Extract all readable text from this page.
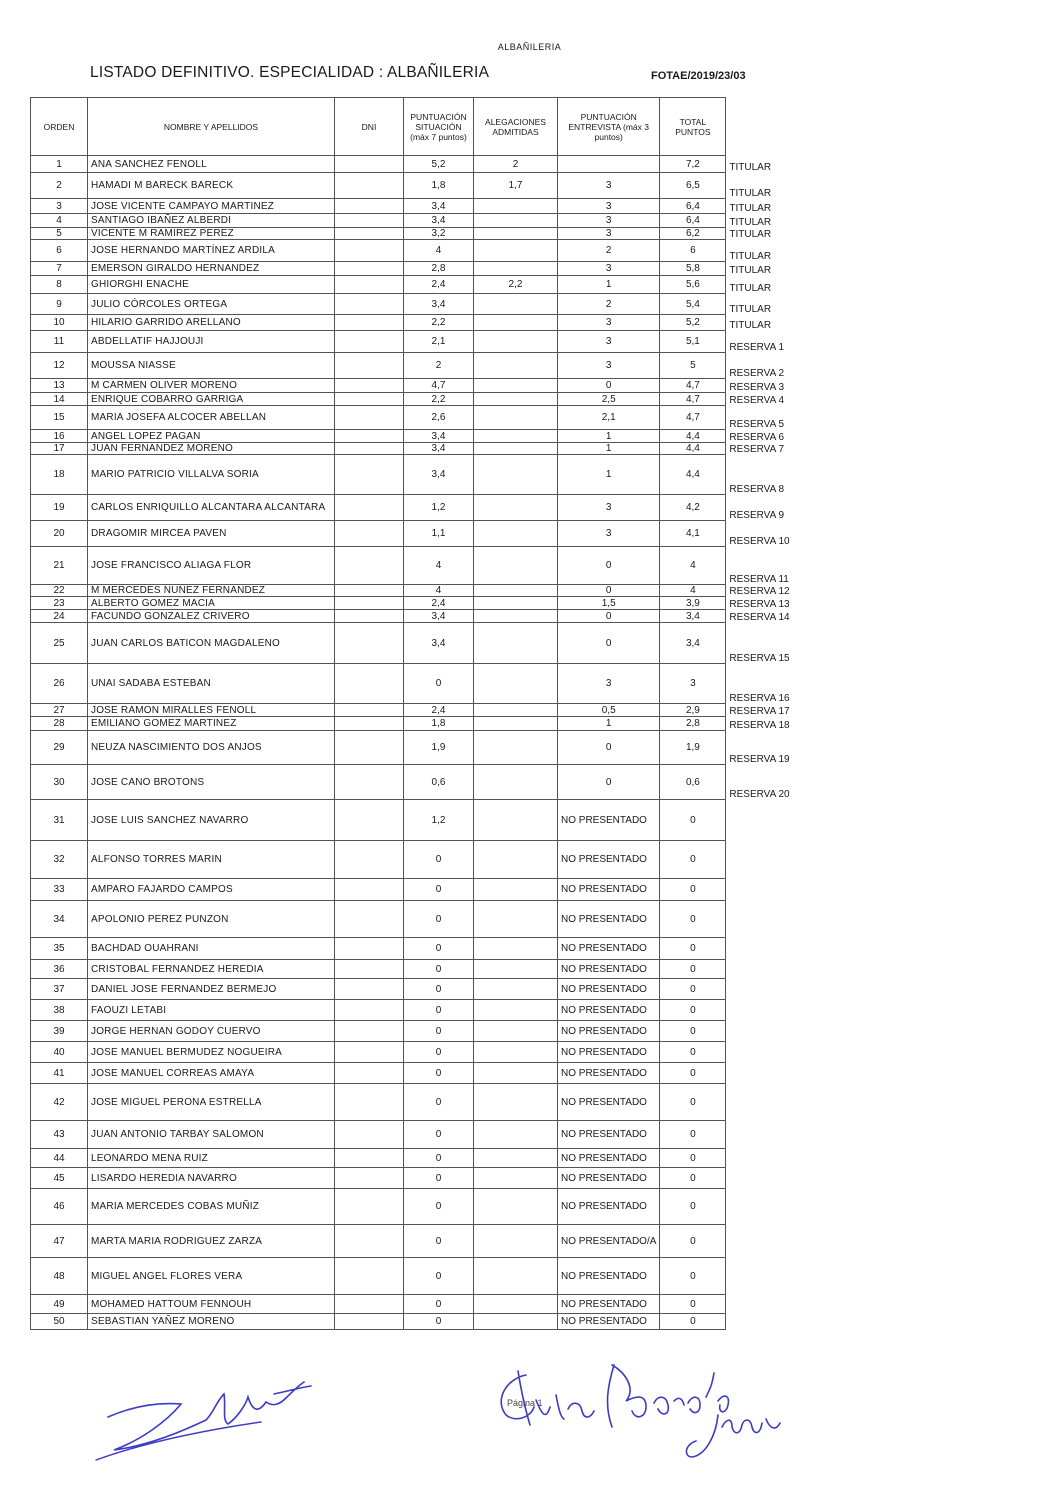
ALBAÑILERIA
LISTADO DEFINITIVO. ESPECIALIDAD : ALBAÑILERIA	FOTAE/2019/23/03
ORDEN	NOMBRE Y APELLIDOS	DNI	PUNTUACIÓN SITUACIÓN (máx 7 puntos)	ALEGACIONES ADMITIDAS	PUNTUACIÓN ENTREVISTA (máx 3 puntos)	TOTAL PUNTOS	
1	ANA SANCHEZ FENOLL		5,2	2		7,2	TITULAR
2	HAMADI M BARECK BARECK		1,8	1,7	3	6,5	TITULAR
3	JOSE VICENTE CAMPAYO MARTINEZ		3,4		3	6,4	TITULAR
4	SANTIAGO IBAÑEZ ALBERDI		3,4		3	6,4	TITULAR
5	VICENTE M RAMIREZ PEREZ		3,2		3	6,2	TITULAR
6	JOSE HERNANDO MARTÍNEZ ARDILA		4		2	6	TITULAR
7	EMERSON GIRALDO HERNANDEZ		2,8		3	5,8	TITULAR
8	GHIORGHI ENACHE		2,4	2,2	1	5,6	TITULAR
9	JULIO CÓRCOLES ORTEGA		3,4		2	5,4	TITULAR
10	HILARIO GARRIDO ARELLANO		2,2		3	5,2	TITULAR
11	ABDELLATIF HAJJOUJI		2,1		3	5,1	RESERVA 1
12	MOUSSA NIASSE		2		3	5	RESERVA 2
13	M CARMEN OLIVER MORENO		4,7		0	4,7	RESERVA 3
14	ENRIQUE COBARRO GARRIGA		2,2		2,5	4,7	RESERVA 4
15	MARIA JOSEFA ALCOCER ABELLAN		2,6		2,1	4,7	RESERVA 5
16	ANGEL LOPEZ PAGAN		3,4		1	4,4	RESERVA 6
17	JUAN FERNANDEZ MORENO		3,4		1	4,4	RESERVA 7
18	MARIO PATRICIO VILLALVA SORIA		3,4		1	4,4	RESERVA 8
19	CARLOS ENRIQUILLO ALCANTARA ALCANTARA		1,2		3	4,2	RESERVA 9
20	DRAGOMIR MIRCEA PAVEN		1,1		3	4,1	RESERVA 10
21	JOSE FRANCISCO ALIAGA FLOR		4		0	4	RESERVA 11
22	M MERCEDES NUÑEZ FERNANDEZ		4		0	4	RESERVA 12
23	ALBERTO GOMEZ MACIA		2,4		1,5	3,9	RESERVA 13
24	FACUNDO GONZALEZ CRIVERO		3,4		0	3,4	RESERVA 14
25	JUAN CARLOS BATICON MAGDALENO		3,4		0	3,4	RESERVA 15
26	UNAI SADABA ESTEBAN		0		3	3	RESERVA 16
27	JOSE RAMON MIRALLES FENOLL		2,4		0,5	2,9	RESERVA 17
28	EMILIANO GOMEZ MARTINEZ		1,8		1	2,8	RESERVA 18
29	NEUZA NASCIMIENTO DOS ANJOS		1,9		0	1,9	RESERVA 19
30	JOSE CANO BROTONS		0,6		0	0,6	RESERVA 20
31	JOSE LUIS SANCHEZ NAVARRO		1,2		NO PRESENTADO	0	
32	ALFONSO TORRES MARIN		0		NO PRESENTADO	0	
33	AMPARO FAJARDO CAMPOS		0		NO PRESENTADO	0	
34	APOLONIO PEREZ PUNZON		0		NO PRESENTADO	0	
35	BACHDAD OUAHRANI		0		NO PRESENTADO	0	
36	CRISTOBAL FERNANDEZ HEREDIA		0		NO PRESENTADO	0	
37	DANIEL JOSE FERNANDEZ BERMEJO		0		NO PRESENTADO	0	
38	FAOUZI LETABI		0		NO PRESENTADO	0	
39	JORGE HERNAN GODOY CUERVO		0		NO PRESENTADO	0	
40	JOSE MANUEL BERMUDEZ NOGUEIRA		0		NO PRESENTADO	0	
41	JOSE MANUEL CORREAS AMAYA		0		NO PRESENTADO	0	
42	JOSE MIGUEL PERONA ESTRELLA		0		NO PRESENTADO	0	
43	JUAN ANTONIO TARBAY SALOMON		0		NO PRESENTADO	0	
44	LEONARDO MENA RUIZ		0		NO PRESENTADO	0	
45	LISARDO HEREDIA NAVARRO		0		NO PRESENTADO	0	
46	MARIA MERCEDES COBAS MUÑIZ		0		NO PRESENTADO	0	
47	MARTA MARIA RODRIGUEZ ZARZA		0		NO PRESENTADO/A	0	
48	MIGUEL ANGEL FLORES VERA		0		NO PRESENTADO	0	
49	MOHAMED HATTOUM FENNOUH		0		NO PRESENTADO	0	
50	SEBASTIAN YAÑEZ MORENO		0		NO PRESENTADO	0	
Página 1
